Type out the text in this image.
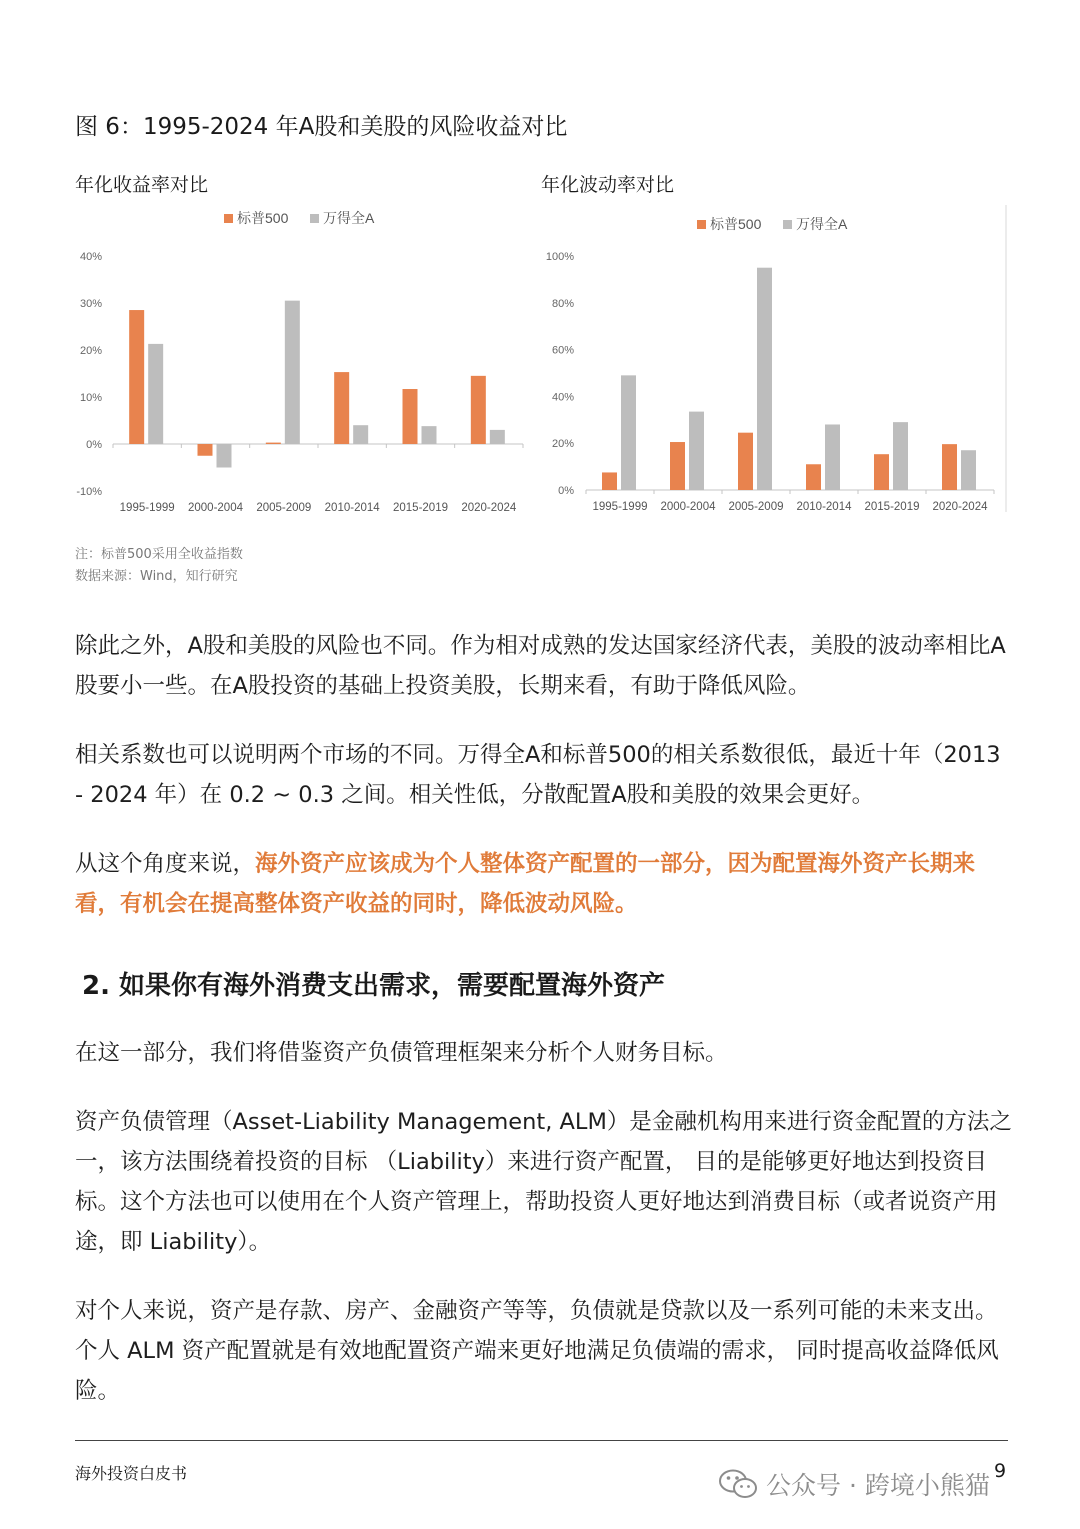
图 6：1995-2024 年A股和美股的风险收益对比
年化收益率对比	年化波动率对比
标普500 万得全A
-10%
0%
10%
20%
30%
40%
1995-1999 2000-2004 2005-2009 2010-2014 2015-2019 2020-2024
标普500 万得全A
0%
20%
40%
60%
80%
100%
1995-1999 2000-2004 2005-2009 2010-2014 2015-2019 2020-2024
注：标普500采用全收益指数
数据来源：Wind，知行研究

除此之外，A股和美股的风险也不同。作为相对成熟的发达国家经济代表，美股的波动率相比A股要小一些。在A股投资的基础上投资美股，长期来看，有助于降低风险。

相关系数也可以说明两个市场的不同。万得全A和标普500的相关系数很低，最近十年（2013 - 2024 年）在 0.2 ~ 0.3 之间。相关性低，分散配置A股和美股的效果会更好。

从这个角度来说，海外资产应该成为个人整体资产配置的一部分，因为配置海外资产长期来看，有机会在提高整体资产收益的同时，降低波动风险。

2. 如果你有海外消费支出需求，需要配置海外资产

在这一部分，我们将借鉴资产负债管理框架来分析个人财务目标。

资产负债管理（Asset-Liability Management, ALM）是金融机构用来进行资金配置的方法之一，该方法围绕着投资的目标 （Liability）来进行资产配置， 目的是能够更好地达到投资目标。这个方法也可以使用在个人资产管理上，帮助投资人更好地达到消费目标（或者说资产用途，即 Liability）。

对个人来说，资产是存款、房产、金融资产等等，负债就是贷款以及一系列可能的未来支出。个人 ALM 资产配置就是有效地配置资产端来更好地满足负债端的需求， 同时提高收益降低风险。

海外投资白皮书	9
公众号 · 跨境小熊猫
